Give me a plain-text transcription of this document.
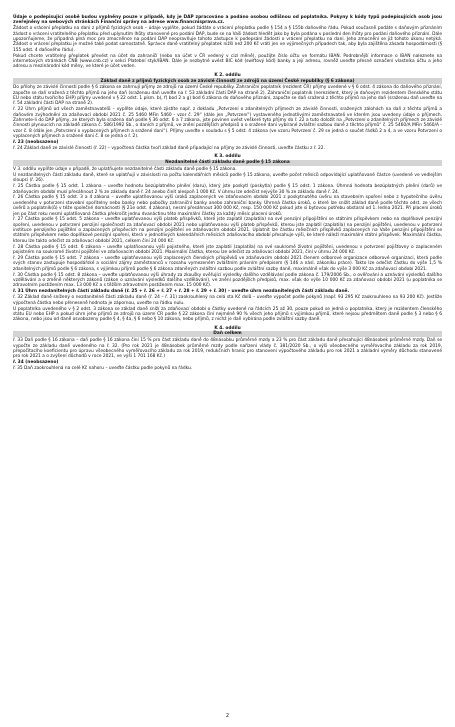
Údaje o podepisující osobě budou vyplněny pouze v případě, kdy je DAP zpracováno a podáno osobou odlišnou od poplatníka. Pokyny k kódy typů podepisujících osob jsou zveřejněny na webových stránkách Finanční správy na adrese www.financnisprava.cz.

Žádost o vrácení přeplatku na dani z příjmů fyzických osob – údaje vyplňte, pokud žádáte o vrácení přeplatku podle § 154 a § 155b daňového řádu. Pokud současně podáte s daňovým přiznáním žádost o vrácení vratitelného přeplatku před uplynutím lhůty stanovené pro podání DAP, bude se na Vaši žádost hledět jako by byla podána v poslední den lhůty pro podání daňového přiznání. Dále upozorňujeme, že případná plná moc pro zmocněnce na podání DAP neopravňuje tohoto zástupce k podepsání žádosti o vrácení přeplatku na dani. Jeho zmocnění se již tohoto úkonu netýká. Žádost o vrácení přeplatku je možné také podat samostatně. Správce daně vratitelný přeplatek nižší než 200 Kč vrátí jen ve výjimečných případech tak, aby byla zajištěna zásada hospodárnosti (§ 155 odst. 4 daňového řádu).

Pokud chcete vratitelný přeplatek převést na účet do zahraničí (nebo na účet v ČR vedený v cizí měně), použijte číslo účtu ve formátu IBAN. Podrobnější informace o IBAN naleznete na internetových stránkách ČNB (www.cnb.cz) v sekci Platební styk/IBAN. Dále je nezbytné uvést BIC kód (swiftový kód) banky a její adresu, rovněž uveďte přesné označení vlastníka účtu a jeho adresu a mezinárodní kód měny, ve které je účet veden.

K 2. oddílu
Základ daně z příjmů fyzických osob ze závislé činnosti ze zdrojů na území České republiky (§ 6 zákona)

Do přílohy ze závislé činnosti podle § 6 zákona se zahrnují příjmy ze zdrojů na území České republiky. Zahraniční poplatník (rezident ČR) příjmy uvedené v § 6 odst. 4 zákona do daňového přiznání, započte se daň sražená z těchto příjmů na jeho daň (sraženou daň uveďte na ř. 53 základní části DAP na straně 2). Zahraniční poplatník (nerezident, který je daňovým rezidentem členského státu EU nebo státu tvořícího EHP) příjmy uvedené v § 22 odst. 1 písm. b), f) bod 2 a g) bod 6 zákona do daňového přiznání, započte se daň sražená z těchto příjmů na jeho daň (sraženou daň uveďte na ř. 54 základní části DAP na straně 2).

ř. 22 Úhrn příjmů od všech zaměstnavatelů – vyplňte údaje, které zjistíte např. z dokladu „Potvrzení o zdanitelných příjmech ze závislé činnosti, sražených zálohách na daň z těchto příjmů a daňovém zvýhodnění za zdaňovací období 2021 č. 25 5460 MFin 5460 - vzor č. 29“ (dále jen „Potvrzení“) vystaveného jednotlivými zaměstnavateli ve kterém jsou uvedeny údaje o příjmech. Zahrnete-li do DAP příjmy, ze kterých byla sražena daň podle § 36 odst. 6 a 7 zákona, jste povinen uvést veškeré tyto příjmy do ř. 22 a tuto doložit na „Potvrzení o zdanitelných příjmech ze závislé činnosti plynoucích na základě zákona č. 586/1992 Sb., o daních z příjmů, ve znění pozdějších předpisů a o sražené dani vybírané zvláštní sazbou daně z těchto příjmů“ č. 25 5460/A MFin 5460/A - vzor č. 8 (dále jen „Potvrzení o vyplacených příjmech a sražené dani“). Příjmy uveďte v souladu s § 5 odst. 4 zákona (ve vzoru Potvrzení č. 29 se jedná o součet řádků 2 a 4, a ve vzoru Potvrzení o vyplacených příjmech a sražené dani č. 8 se jedná o ř. 2).

ř. 23 (neobsazeno)

ř. 24 Základ daně ze závislé činnosti (ř. 22) – vypočtená částka tvoří základ daně připadající na příjmy ze závislé činnosti, uveďte částku z ř. 22.

K 3. oddílu
Nezdanitelné části základu daně podle § 15 zákona

V 3. oddílu vyplňte údaje v případě, že uplatňujete nezdanitelné části základu daně podle § 15 zákona.

U nezdanitelných částí základu daně, které se uplatňují v závislosti na počtu kalendářních měsíců podle § 15 zákona, uveďte počet měsíců odpovídající uplatňované částce (uvedené ve vedlejším sloupci (ř. 26).

ř. 25 Částka podle § 15 odst. 1 zákona – uveďte hodnotu bezúplatného plnění (daru), který jste poskytl (poskytla) podle § 15 odst. 1 zákona. Úhrnná hodnota bezúplatných plnění (darů) ve zdaňovacím období musí přesáhnout 2 % ze základu daně ř. 24 anebo činit alespoň 1 000 Kč. V úhrnu lze odečíst nejvýše 30 % ze základu daně ř. 24.

ř. 26 Částka podle § 15 odst. 3 a 4 zákona – uveďte uplatňovanou výši úroků zaplacených ve zdaňovacím období 2021 z poskytnutého úvěru na stavebním spoření nebo z hypotečního úvěru uvedeného v potvrzení stavební spořitelny nebo banky nebo pobočky zahraniční banky anebo zahraniční banky. Úhrnná částka úroků, o které lze snížit základ daně podle těchto odst. ze všech úvěrů a poplatník(ů) v téže společné domácnosti (§ 21e odst. 4 zákona), nesmí přesáhnout 300 000 Kč, resp. 150 000 Kč pokud jste si bytovou potřebu obstaral od 1. ledna 2021. Při placení úroků jen po část roku nesmí uplatňovaná částka překročit jednu dvanáctinu této maximální částky za každý měsíc placení úroků.

ř. 27 Částka podle § 15 odst. 5 zákona – uveďte uplatňovanou výši plateb příspěvků, které jste zaplatil (zaplatila) na své penzijní připojištění se státním příspěvkem nebo na doplňkové penzijní spoření, uvedenou v potvrzení penzijní společnosti za zdaňovací období 2021 nebo uplatňovanou výši plateb příspěvků, kterou jste zaplatil (zaplatila) na penzijní pojištění, uvedenou v potvrzení instituce penzijního pojištění o zaplacených příspěvcích na penzijní pojištění ve zdaňovacím období 2021. Uplatnit lze částku měsíčních příspěvků zaplacených na Vaše penzijní připojištění se státním příspěvkem nebo doplňkové penzijní spoření, která v jednotlivých kalendářních měsících zdaňovacího období přesahuje výši, ke které náleží maximální státní příspěvek. Maximální částka, kterou lze takto odečíst za zdaňovací období 2021, celkem činí 24 000 Kč.

ř. 28 Částka podle § 15 odst. 6 zákona – uveďte uplatňovanou výši pojistného, které jste zaplatil (zaplatila) na své soukromé životní pojištění, uvedenou v potvrzení pojišťovny o zaplaceném pojistném na soukromé životní pojištění ve zdaňovacím období 2021. Maximální částka, kterou lze odečíst za zdaňovací období 2021, činí v úhrnu 24 000 Kč.

ř. 29 Částka podle § 15 odst. 7 zákona – uveďte uplatňovanou výši zaplacených členských příspěvků ve zdaňovacím období 2021 členem odborové organizace odborové organizaci, která podle svých stanov zastupuje hospodářské a sociální zájmy zaměstnanců v rozsahu vymezeném zvláštním právním předpisem (§ 146 a násl. zákoníku práce). Takto lze odečíst částku do výše 1,5 % zdanitelných příjmů podle § 6 zákona, s výjimkou příjmů podle § 6 zákona zdaněných zvláštní sazbou podle zvláštní sazby daně, maximálně však do výše 3 000 Kč za zdaňovací období 2021.

ř. 30 Částka podle § 15 odst. 8 zákona – uveďte uplatňovanou výši úhrady za zkoušky ověřující výsledky dalšího vzdělávání podle zákona č. 179/2006 Sb., o ověřování a uznávání výsledků dalšího vzdělávání a o změně některých zákonů (zákon o uznávání výsledků dalšího vzdělávání), ve znění pozdějších předpisů, max. však do výše 10 000 Kč za zdaňovací období 2021 (u poplatníka se zdravotním postižením max. 13 000 Kč a s těžším zdravotním postižením max. 15 000 Kč).

ř. 31 Úhrn nezdanitelných částí základu daně (ř. 25 + ř. 26 + ř. 27 + ř. 28 + ř. 29 + ř. 30) – uveďte úhrn nezdanitelných částí základu daně.

ř. 32 Základ daně snížený o nezdanitelné části základu daně (ř. 24 – ř. 31) zaokrouhlený na celá sta Kč dolů – uveďte výpočet podle pokynů (např. 93 295 Kč zaokrouhleno na 93 200 Kč). Jestliže výpočtená částka nebo přeneseně hodnota je zápornou, uveďte na řádku nulu.

U poplatníka uvedeného v § 2 odst. 3 zákona se základ daně sníží za zdaňovací období o částky uvedené na řádcích 25 až 30, pouze pokud se jedná o poplatníka, který je rezidentem členského státu EU nebo EHP a pokud úhrn jeho příjmů ze zdrojů na území ČR podle § 22 zákona činí nejméně 90 % všech jeho příjmů s výjimkou příjmů, které nejsou předmětem daně podle § 3 nebo § 6 zákona, nebo jsou od daně osvobozeny podle § 4, § 4a, § 6 nebo § 10 zákona, nebo příjmů, z nichž je daň vybírána podle zvláštní sazby daně.

K 4. oddílu
Daň celkem

ř. 33 Daň podle § 16 zákona – daň podle § 16 zákona činí 15 % pro část základu daně do 48násobku průměrné mzdy a 23 % pro část základu daně přesahující 48násobek průměrné mzdy. Daň se vypočte ze základu daně uvedeného na ř. 32. (Pro rok 2021 je 48násobek průměrné mzdy podle nařízení vlády č. 381/2020 Sb., o výši všeobecného vyměřovacího základu za rok 2019, přepočítacího koeficientu pro úpravu všeobecného vyměřovacího základu za rok 2019, redukčních hranic pro stanovení výpočtového základu pro rok 2021 a základní výměry důchodu stanovené pro rok 2021 a o zvýšení důchodů v roce 2021, ve výši 1 701 168 Kč.)

ř. 34 (neobsazeno)

ř. 35 Daň zaokrouhlená na celé Kč nahoru – uveďte částku podle pokynů na řádku.

2
